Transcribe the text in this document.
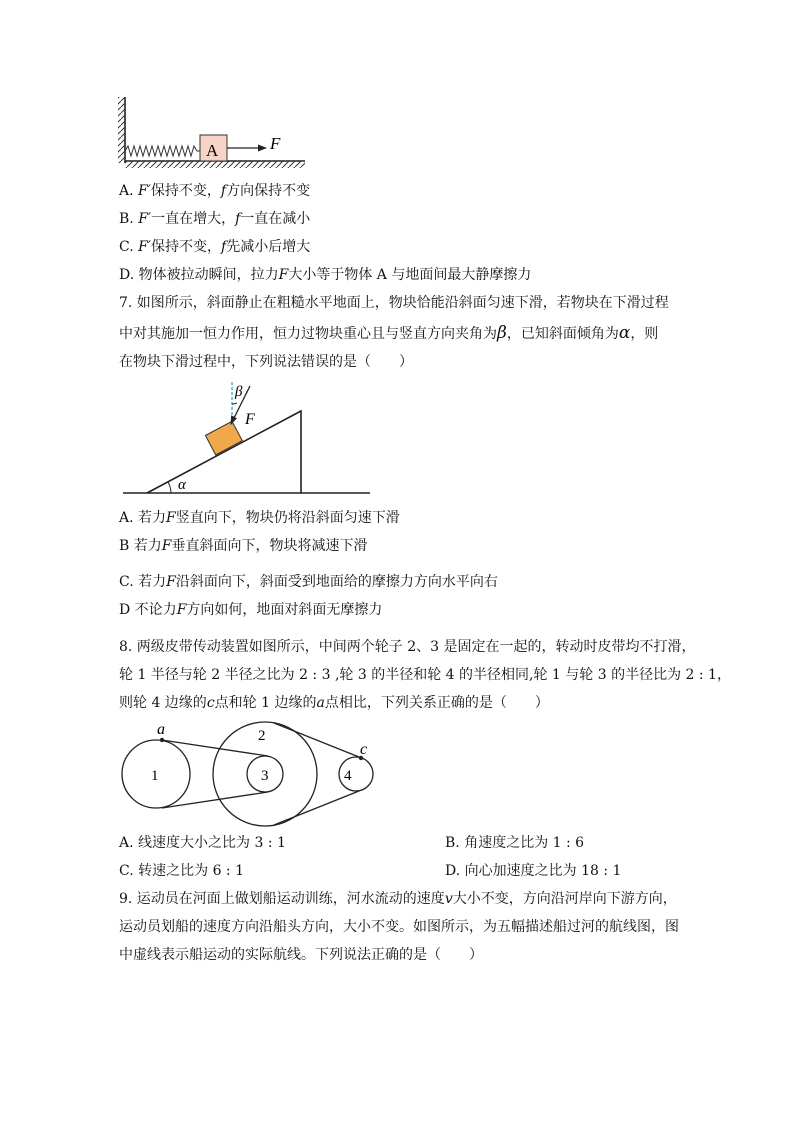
A	F
A. F′保持不变，f方向保持不变
B. F′一直在增大，f一直在减小
C. F′保持不变，f先减小后增大
D. 物体被拉动瞬间，拉力F大小等于物体 A 与地面间最大静摩擦力
7. 如图所示，斜面静止在粗糙水平地面上，物块恰能沿斜面匀速下滑，若物块在下滑过程
中对其施加一恒力作用，恒力过物块重心且与竖直方向夹角为β，已知斜面倾角为α，则
在物块下滑过程中，下列说法错误的是（　　）
β
F
α
A. 若力F竖直向下，物块仍将沿斜面匀速下滑
B 若力F垂直斜面向下，物块将减速下滑
C. 若力F沿斜面向下，斜面受到地面给的摩擦力方向水平向右
D 不论力F方向如何，地面对斜面无摩擦力
8. 两级皮带传动装置如图所示，中间两个轮子 2、3 是固定在一起的，转动时皮带均不打滑，
轮 1 半径与轮 2 半径之比为 2 : 3 ,轮 3 的半径和轮 4 的半径相同,轮 1 与轮 3 的半径比为 2 : 1，
则轮 4 边缘的c点和轮 1 边缘的a点相比，下列关系正确的是（　　）
1
2
3	4
a
c
A. 线速度大小之比为 3 : 1	B. 角速度之比为 1 : 6
C. 转速之比为 6 : 1	D. 向心加速度之比为 18 : 1
9. 运动员在河面上做划船运动训练，河水流动的速度v大小不变，方向沿河岸向下游方向，
运动员划船的速度方向沿船头方向，大小不变。如图所示，为五幅描述船过河的航线图，图
中虚线表示船运动的实际航线。下列说法正确的是（　　）
